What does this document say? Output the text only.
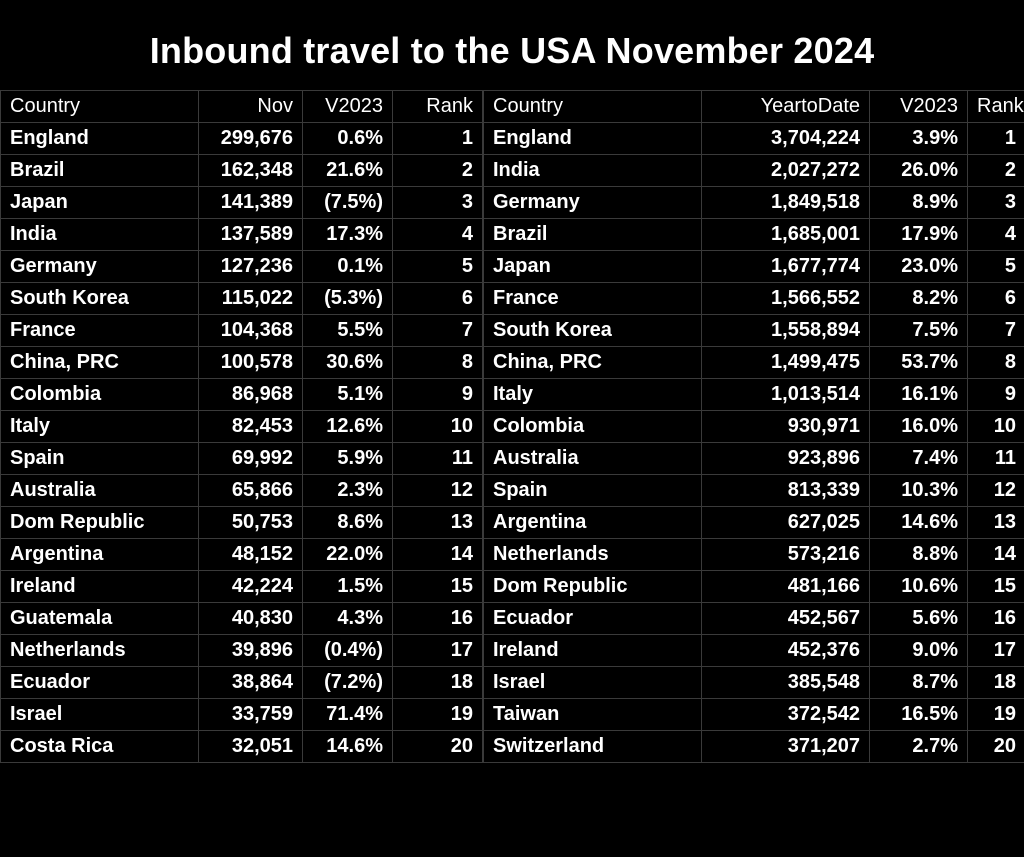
Inbound travel to the USA November 2024
Country	Nov	V2023	Rank
England	299,676	0.6%	1
Brazil	162,348	21.6%	2
Japan	141,389	(7.5%)	3
India	137,589	17.3%	4
Germany	127,236	0.1%	5
South Korea	115,022	(5.3%)	6
France	104,368	5.5%	7
China, PRC	100,578	30.6%	8
Colombia	86,968	5.1%	9
Italy	82,453	12.6%	10
Spain	69,992	5.9%	11
Australia	65,866	2.3%	12
Dom Republic	50,753	8.6%	13
Argentina	48,152	22.0%	14
Ireland	42,224	1.5%	15
Guatemala	40,830	4.3%	16
Netherlands	39,896	(0.4%)	17
Ecuador	38,864	(7.2%)	18
Israel	33,759	71.4%	19
Costa Rica	32,051	14.6%	20
Country	YeartoDate	V2023	Rank
England	3,704,224	3.9%	1
India	2,027,272	26.0%	2
Germany	1,849,518	8.9%	3
Brazil	1,685,001	17.9%	4
Japan	1,677,774	23.0%	5
France	1,566,552	8.2%	6
South Korea	1,558,894	7.5%	7
China, PRC	1,499,475	53.7%	8
Italy	1,013,514	16.1%	9
Colombia	930,971	16.0%	10
Australia	923,896	7.4%	11
Spain	813,339	10.3%	12
Argentina	627,025	14.6%	13
Netherlands	573,216	8.8%	14
Dom Republic	481,166	10.6%	15
Ecuador	452,567	5.6%	16
Ireland	452,376	9.0%	17
Israel	385,548	8.7%	18
Taiwan	372,542	16.5%	19
Switzerland	371,207	2.7%	20
